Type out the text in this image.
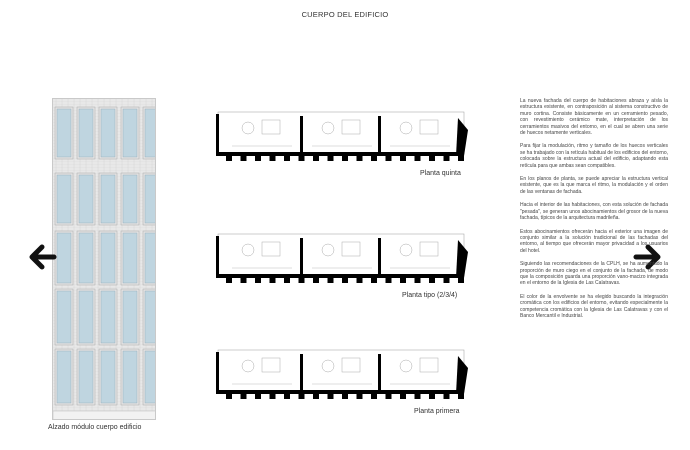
CUERPO DEL EDIFICIO
Alzado módulo cuerpo edificio
Planta quinta
Planta tipo (2/3/4)
Planta primera

La nueva fachada del cuerpo de habitaciones abraza y aísla la estructura existente, en contraposición al sistema constructivo de muro cortina. Consiste básicamente en un cerramiento pesado, con revestimiento cerámico mate, interpretación de los cerramientos masivos del entorno, en el cual se abren una serie de huecos netamente verticales.

Para fijar la modulación, ritmo y tamaño de los huecos verticales se ha trabajado con la retícula habitual de los edificios del entorno, colocada sobre la estructura actual del edificio, adaptando esta retícula para que ambas sean compatibles.

En los planos de planta, se puede apreciar la estructura vertical existente, que es la que marca el ritmo, la modulación y el orden de las ventanas de fachada.

Hacia el interior de las habitaciones, con esta solución de fachada "pesada", se generan unos abocinamientos del grosor de la nueva fachada, típicos de la arquitectura madrileña.

Estos abocinamientos ofrecerán hacia el exterior una imagen de conjunto similar a la solución tradicional de las fachadas del entorno, al tiempo que ofrecerán mayor privacidad a los usuarios del hotel.

Siguiendo las recomendaciones de la CPLH, se ha aumentado la proporción de muro ciego en el conjunto de la fachada, de modo que la composición guarda una proporción vano-macizo integrada en el entorno de la Iglesia de Las Calatravas.

El color de la envolvente se ha elegido buscando la integración cromática con los edificios del entorno, evitando especialmente la competencia cromática con la Iglesia de Las Calatravas y con el Banco Mercantil e Industrial.
